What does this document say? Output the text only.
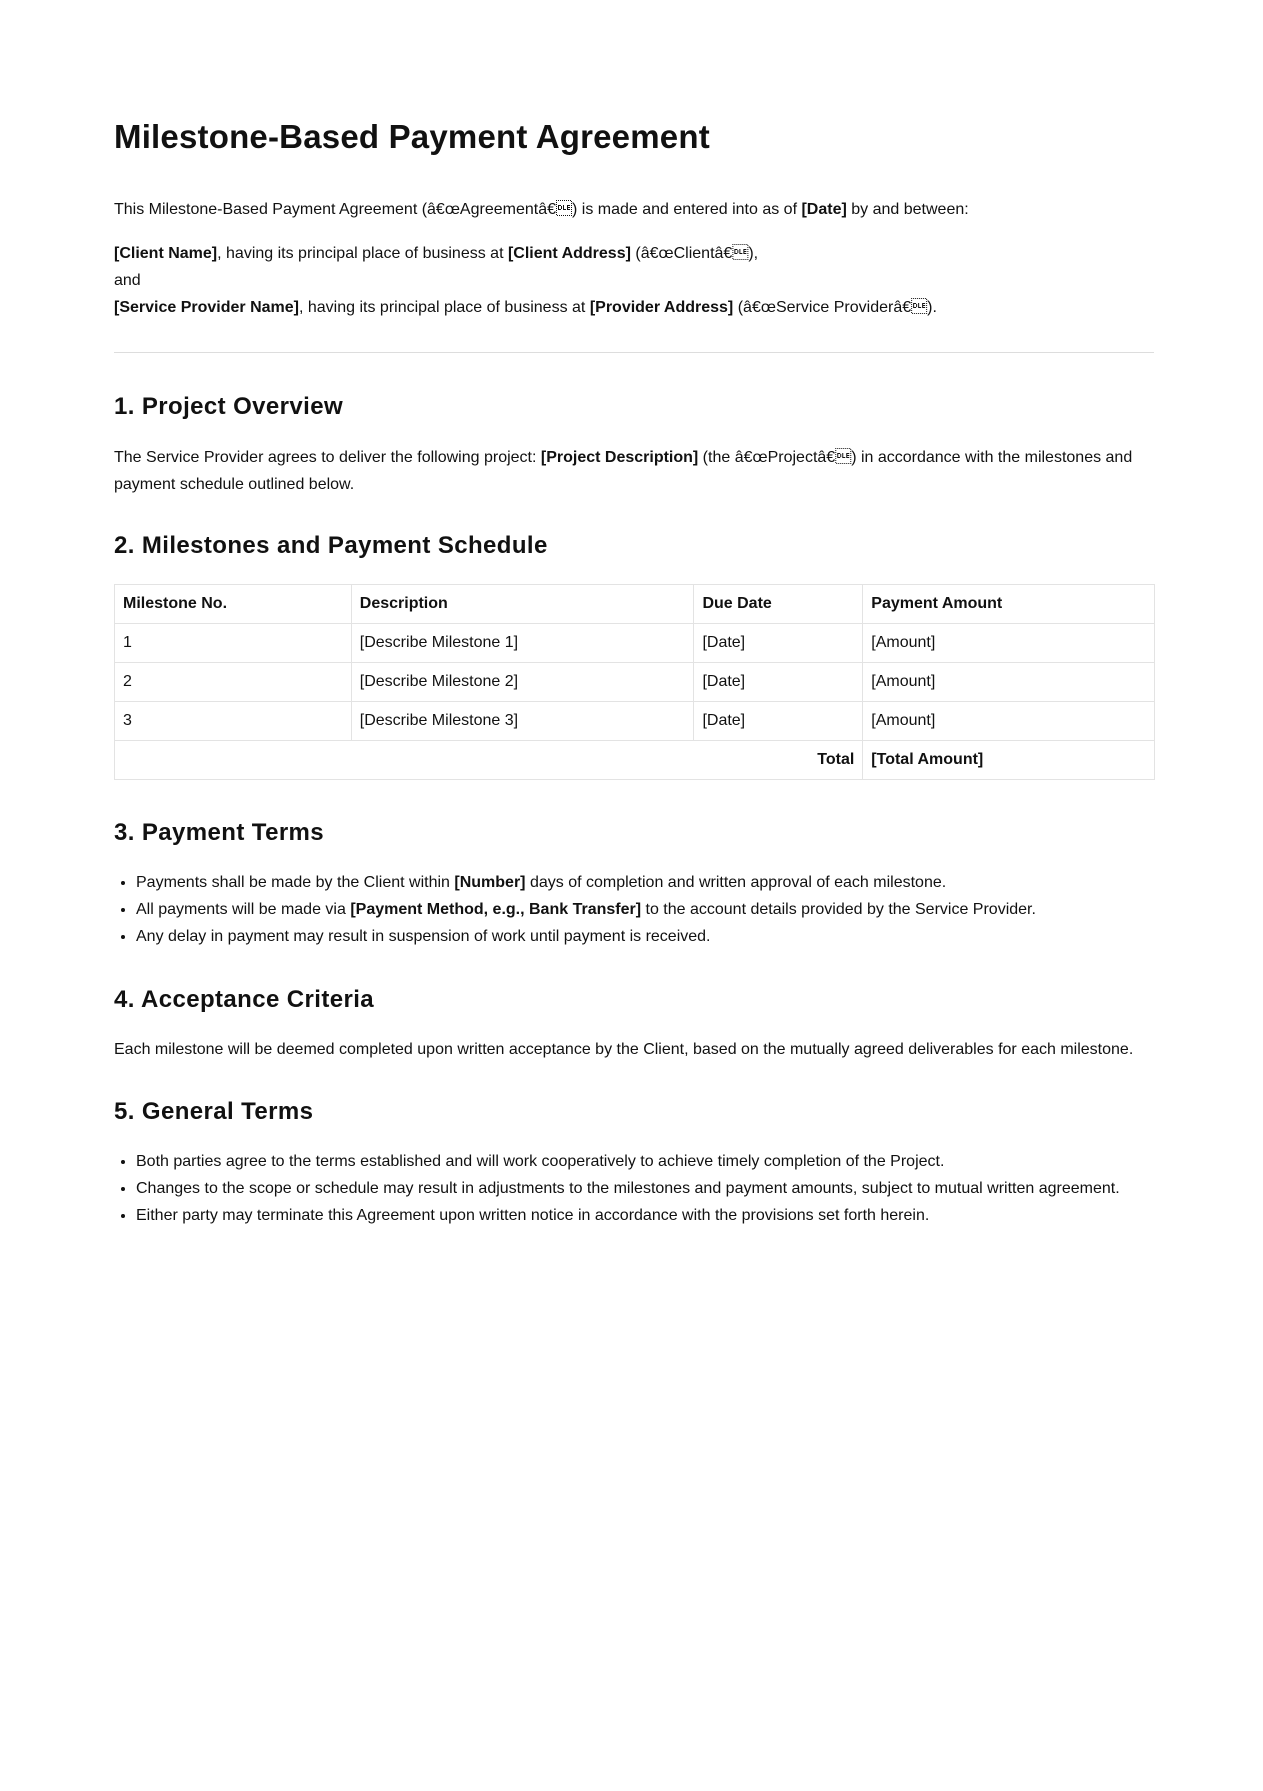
Milestone-Based Payment Agreement
This Milestone-Based Payment Agreement (â€œAgreementâ€) is made and entered into as of [Date] by and between:
[Client Name], having its principal place of business at [Client Address] (â€œClientâ€),
and
[Service Provider Name], having its principal place of business at [Provider Address] (â€œService Providerâ€).
1. Project Overview
The Service Provider agrees to deliver the following project: [Project Description] (the â€œProjectâ€) in accordance with the milestones and payment schedule outlined below.
2. Milestones and Payment Schedule
Milestone No.	Description	Due Date	Payment Amount
1	[Describe Milestone 1]	[Date]	[Amount]
2	[Describe Milestone 2]	[Date]	[Amount]
3	[Describe Milestone 3]	[Date]	[Amount]
Total			[Total Amount]
3. Payment Terms
• Payments shall be made by the Client within [Number] days of completion and written approval of each milestone.
• All payments will be made via [Payment Method, e.g., Bank Transfer] to the account details provided by the Service Provider.
• Any delay in payment may result in suspension of work until payment is received.
4. Acceptance Criteria
Each milestone will be deemed completed upon written acceptance by the Client, based on the mutually agreed deliverables for each milestone.
5. General Terms
• Both parties agree to the terms established and will work cooperatively to achieve timely completion of the Project.
• Changes to the scope or schedule may result in adjustments to the milestones and payment amounts, subject to mutual written agreement.
• Either party may terminate this Agreement upon written notice in accordance with the provisions set forth herein.
